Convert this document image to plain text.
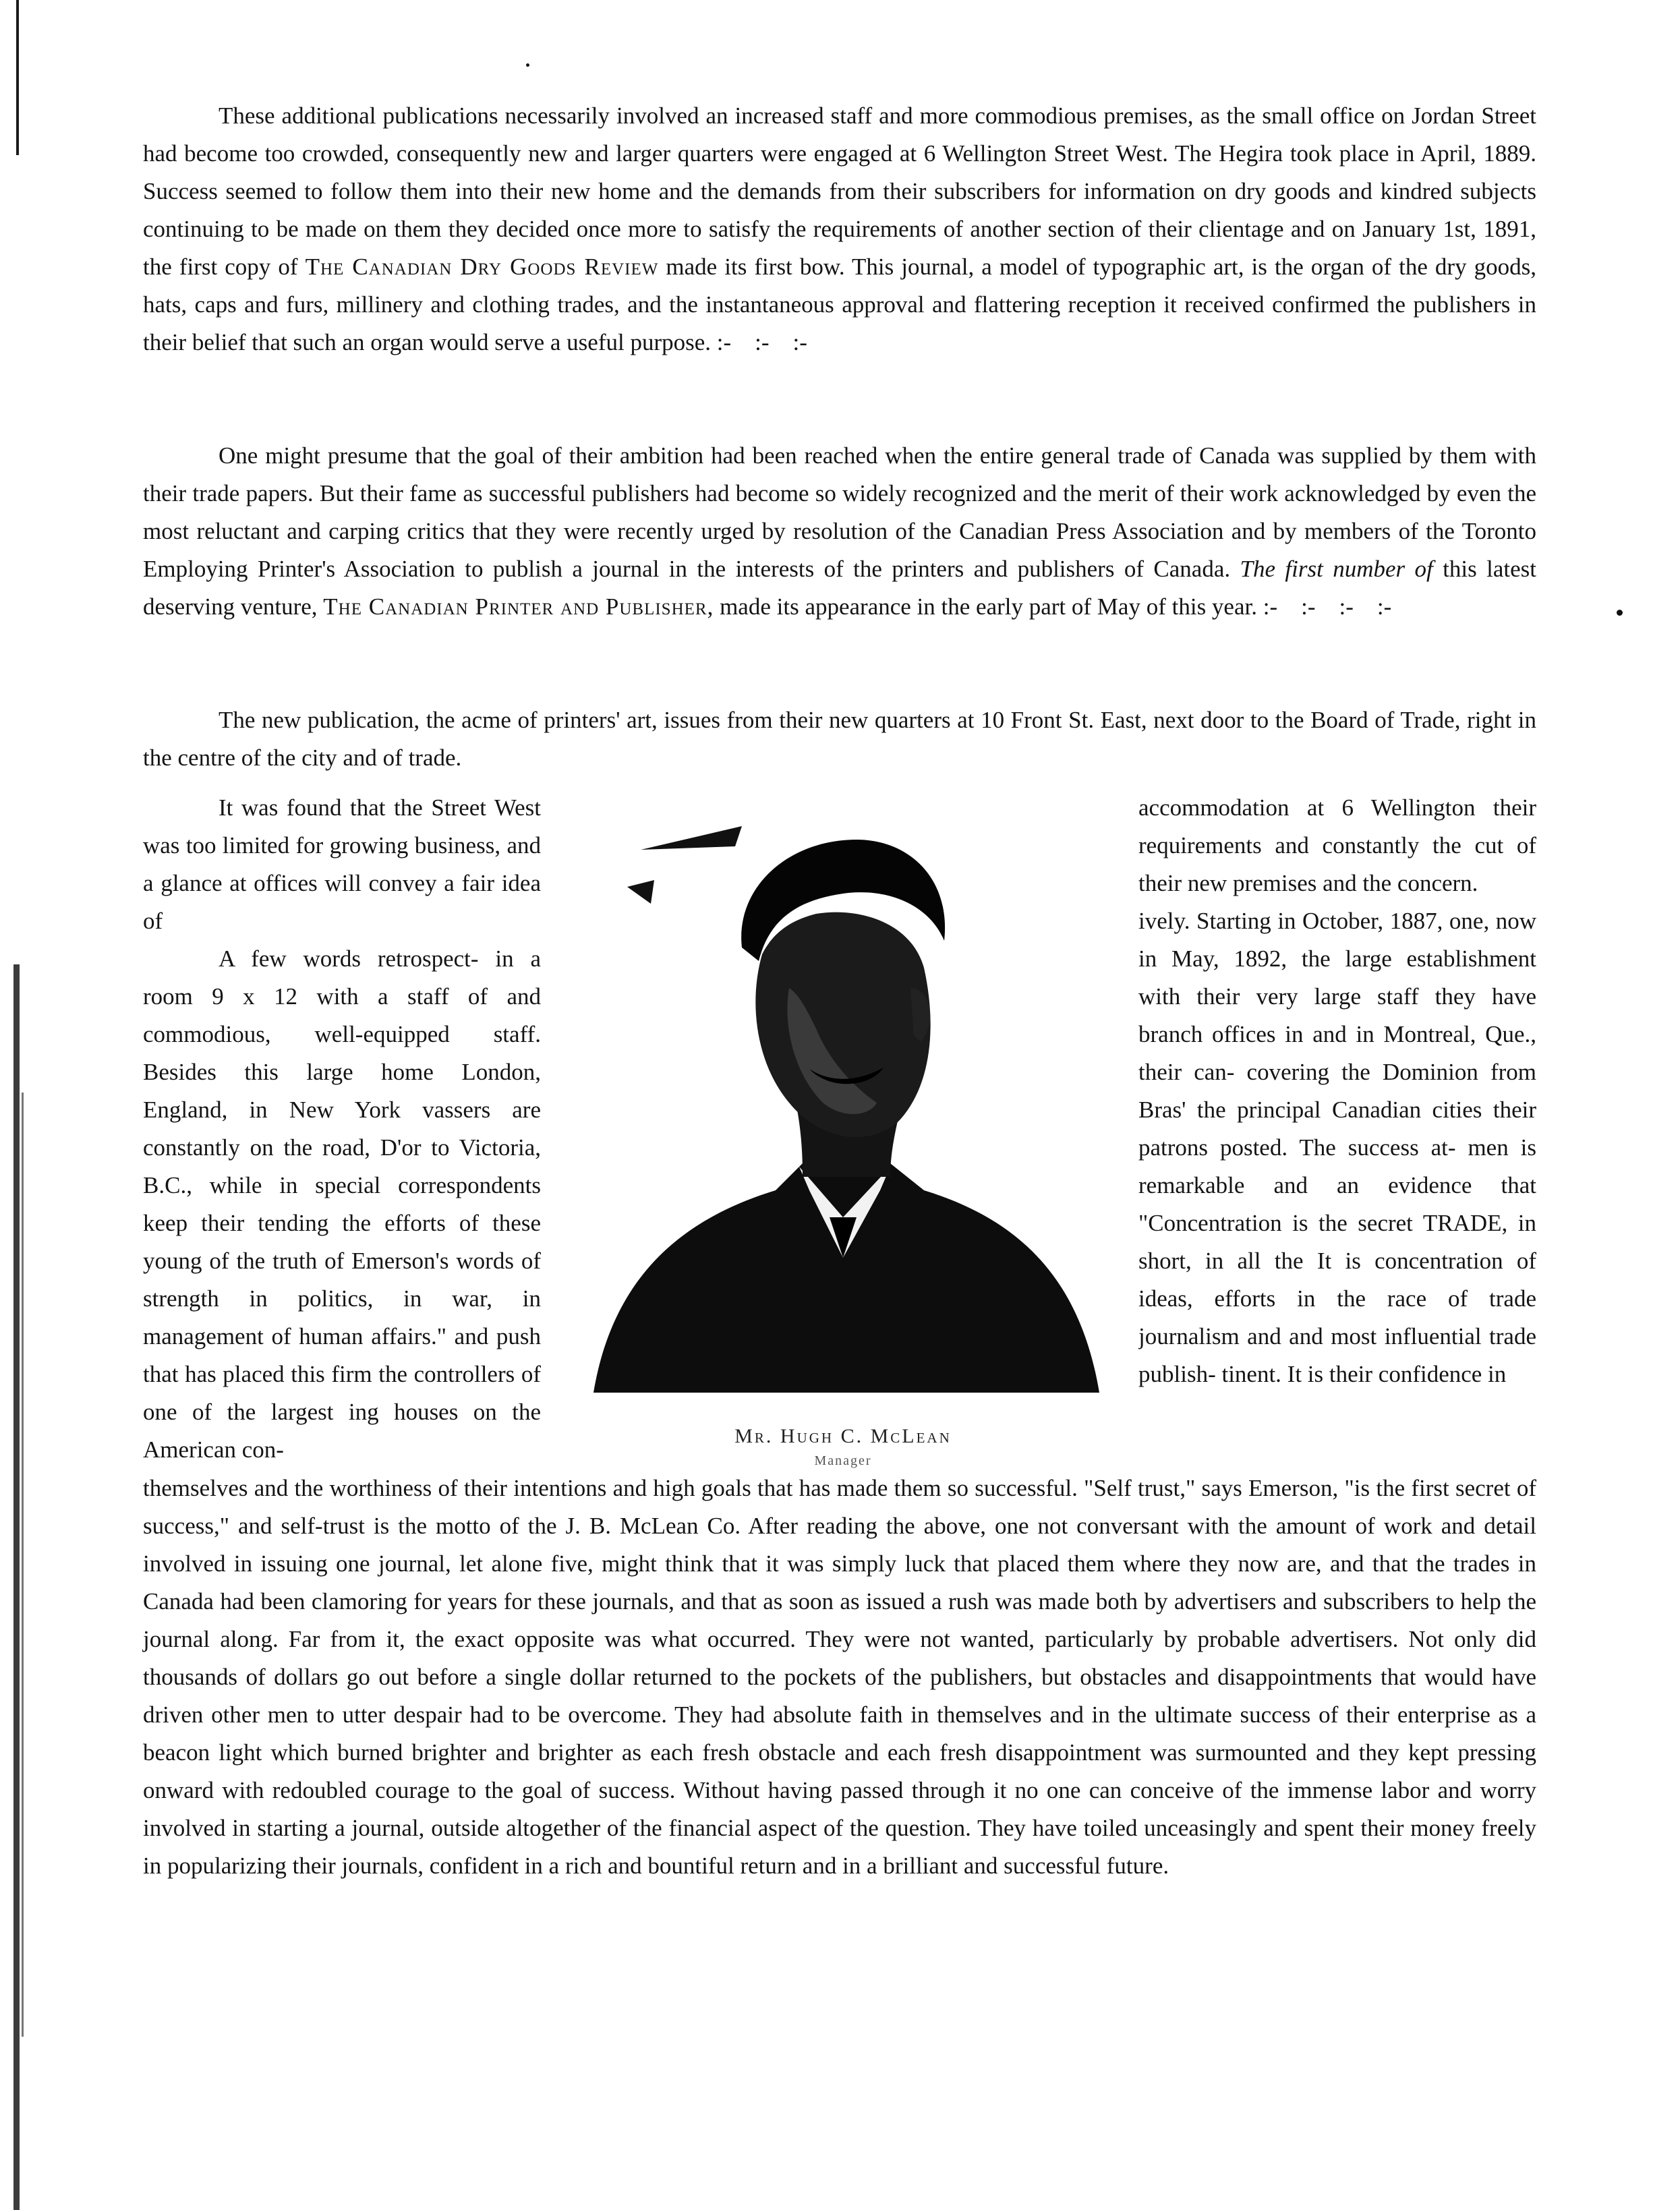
These additional publications necessarily involved an increased staff and more commodious premises, as the small office on Jordan Street had become too crowded, consequently new and larger quarters were engaged at 6 Wellington Street West. The Hegira took place in April, 1889. Success seemed to follow them into their new home and the demands from their subscribers for information on dry goods and kindred subjects continuing to be made on them they decided once more to satisfy the requirements of another section of their clientage and on January 1st, 1891, the first copy of The Canadian Dry Goods Review made its first bow. This journal, a model of typographic art, is the organ of the dry goods, hats, caps and furs, millinery and clothing trades, and the instantaneous approval and flattering reception it received confirmed the publishers in their belief that such an organ would serve a useful purpose. :-    :-    :-

One might presume that the goal of their ambition had been reached when the entire general trade of Canada was supplied by them with their trade papers. But their fame as successful publishers had become so widely recognized and the merit of their work acknowledged by even the most reluctant and carping critics that they were recently urged by resolution of the Canadian Press Association and by members of the Toronto Employing Printer's Association to publish a journal in the interests of the printers and publishers of Canada. The first number of this latest deserving venture, The Canadian Printer and Publisher, made its appearance in the early part of May of this year. :-    :-    :-    :-

The new publication, the acme of printers' art, issues from their new quarters at 10 Front St. East, next door to the Board of Trade, right in the centre of the city and of trade.

It was found that the Street West was too limited for growing business, and a glance at offices will convey a fair idea of

A few words retrospect- in a room 9 x 12 with a staff of and commodious, well-equipped staff. Besides this large home London, England, in New York vassers are constantly on the road, D'or to Victoria, B.C., while in special correspondents keep their tending the efforts of these young of the truth of Emerson's words of strength in politics, in war, in management of human affairs." and push that has placed this firm the controllers of one of the largest ing houses on the American con-

Mr. Hugh C. McLean
Manager

accommodation at 6 Wellington their requirements and constantly the cut of their new premises and the concern.

ively. Starting in October, 1887, one, now in May, 1892, the large establishment with their very large staff they have branch offices in and in Montreal, Que., their can- covering the Dominion from Bras' the principal Canadian cities their patrons posted. The success at- men is remarkable and an evidence that "Concentration is the secret TRADE, in short, in all the It is concentration of ideas, efforts in the race of trade journalism and and most influential trade publish- tinent. It is their confidence in

themselves and the worthiness of their intentions and high goals that has made them so successful. "Self trust," says Emerson, "is the first secret of success," and self-trust is the motto of the J. B. McLean Co. After reading the above, one not conversant with the amount of work and detail involved in issuing one journal, let alone five, might think that it was simply luck that placed them where they now are, and that the trades in Canada had been clamoring for years for these journals, and that as soon as issued a rush was made both by advertisers and subscribers to help the journal along. Far from it, the exact opposite was what occurred. They were not wanted, particularly by probable advertisers. Not only did thousands of dollars go out before a single dollar returned to the pockets of the publishers, but obstacles and disappointments that would have driven other men to utter despair had to be overcome. They had absolute faith in themselves and in the ultimate success of their enterprise as a beacon light which burned brighter and brighter as each fresh obstacle and each fresh disappointment was surmounted and they kept pressing onward with redoubled courage to the goal of success. Without having passed through it no one can conceive of the immense labor and worry involved in starting a journal, outside altogether of the financial aspect of the question. They have toiled unceasingly and spent their money freely in popularizing their journals, confident in a rich and bountiful return and in a brilliant and successful future.
